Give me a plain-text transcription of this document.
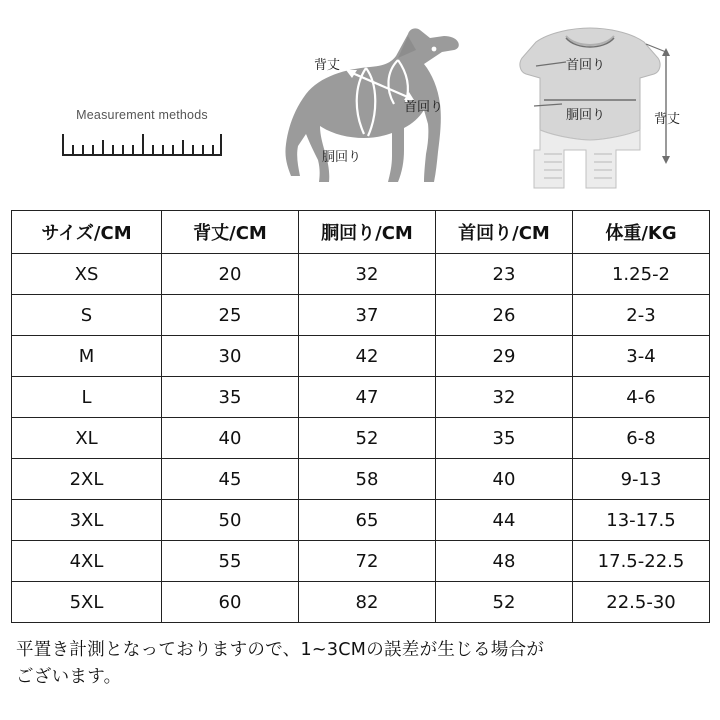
Measurement methods
背丈
首回り
胴回り
首回り
胴回り	背丈
サイズ/CM	背丈/CM	胴回り/CM	首回り/CM	体重/KG
XS	20	32	23	1.25-2
S	25	37	26	2-3
M	30	42	29	3-4
L	35	47	32	4-6
XL	40	52	35	6-8
2XL	45	58	40	9-13
3XL	50	65	44	13-17.5
4XL	55	72	48	17.5-22.5
5XL	60	82	52	22.5-30
平置き計測となっておりますので、1~3CMの誤差が生じる場合が
ございます。
